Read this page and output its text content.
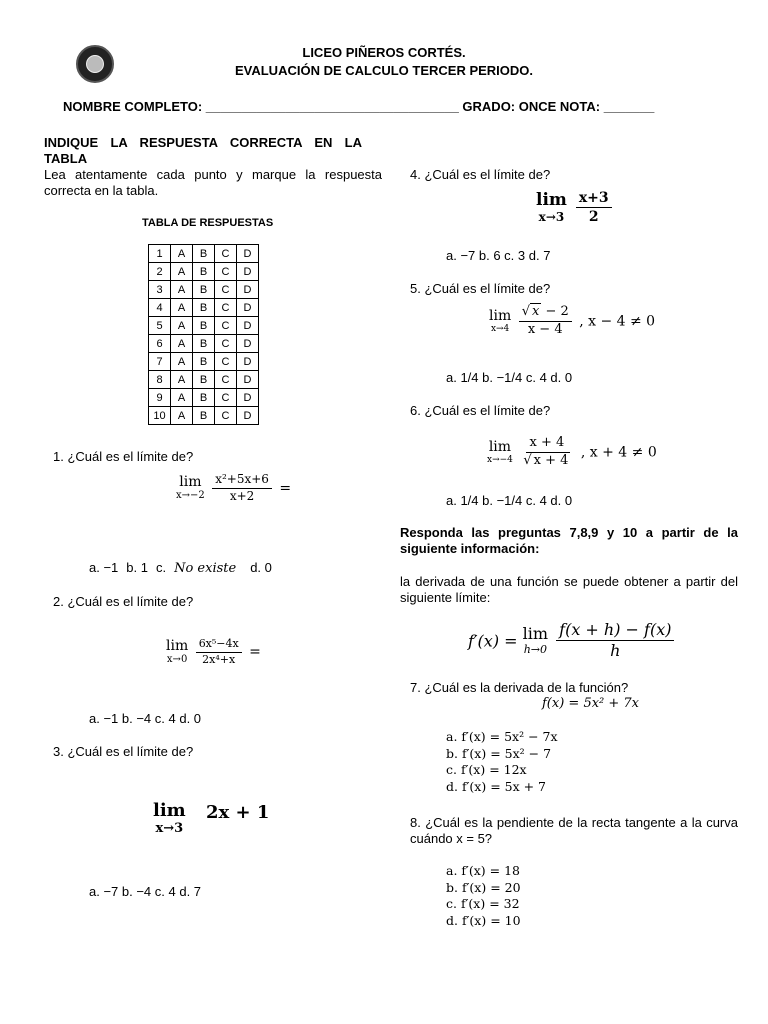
LICEO PIÑEROS CORTÉS.
EVALUACIÓN DE CALCULO TERCER PERIODO.
NOMBRE COMPLETO: ___________________________________ GRADO: ONCE NOTA: _______
INDIQUE LA RESPUESTA CORRECTA EN LA TABLA
Lea atentamente cada punto y marque la respuesta correcta en la tabla.
TABLA DE RESPUESTAS
1	A	B	C	D
2	A	B	C	D
3	A	B	C	D
4	A	B	C	D
5	A	B	C	D
6	A	B	C	D
7	A	B	C	D
8	A	B	C	D
9	A	B	C	D
10	A	B	C	D
1. ¿Cuál es el límite de?
lim
x→−2
$\frac{\text{x²+5x+6}}{x+2}$ =
a. −1 b. 1 c. No existe d. 0
2. ¿Cuál es el límite de?
lim
x→0
$\frac{\text{6x⁵−4x}}{\text{2x⁴+x}}$ =
a. −1 b. −4 c. 4 d. 0
3. ¿Cuál es el límite de?
lim
x→3
2x + 1
a. −7 b. −4 c. 4 d. 7
4. ¿Cuál es el límite de?
lim
x→3
$\frac{x+3}{2}$
a. −7 b. 6 c. 3 d. 7
5. ¿Cuál es el límite de?
lim
x→4
$\frac{√ x - 2}{x - 4}$ , x − 4 ≠ 0
a. 1/4 b. −1/4 c. 4 d. 0
6. ¿Cuál es el límite de?
lim
x→−4
$\frac{x + 4}{√ x + 4}$ , x + 4 ≠ 0
a. 1/4 b. −1/4 c. 4 d. 0
Responda las preguntas 7,8,9 y 10 a partir de la siguiente información:
la derivada de una función se puede obtener a partir del siguiente límite:
f′(x) = lim
h→0
$\frac{f(x + h) - f(x)}{h}$
7. ¿Cuál es la derivada de la función?
f(x) = 5x² + 7x
a. f′(x) = 5x² − 7x
b. f′(x) = 5x² − 7
c. f′(x) = 12x
d. f′(x) = 5x + 7
8. ¿Cuál es la pendiente de la recta tangente a la curva cuándo x = 5?
a. f′(x) = 18
b. f′(x) = 20
c. f′(x) = 32
d. f′(x) = 10
